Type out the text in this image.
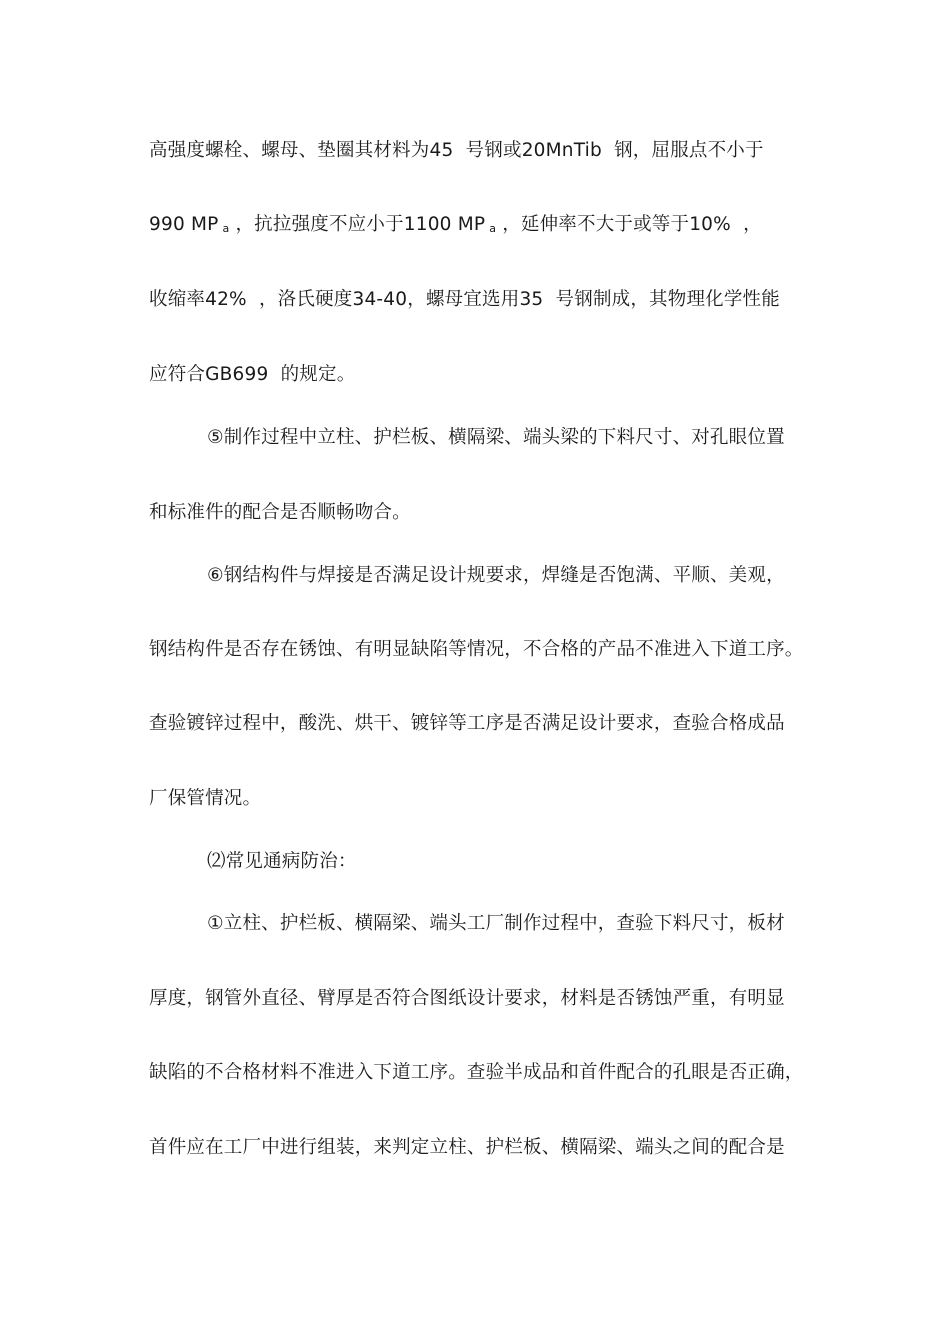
高强度螺栓、螺母、垫圈其材料为45  号钢或20MnTib  钢，屈服点不小于
990 MP a ，抗拉强度不应小于1100 MP a ，延伸率不大于或等于10%  ，
收缩率42%  ，洛氏硬度34-40，螺母宜选用35  号钢制成，其物理化学性能
应符合GB699  的规定。
⑤制作过程中立柱、护栏板、横隔梁、端头梁的下料尺寸、对孔眼位置
和标准件的配合是否顺畅吻合。
⑥钢结构件与焊接是否满足设计规要求，焊缝是否饱满、平顺、美观，
钢结构件是否存在锈蚀、有明显缺陷等情况，不合格的产品不准进入下道工序。
查验镀锌过程中，酸洗、烘干、镀锌等工序是否满足设计要求，查验合格成品
厂保管情况。
⑵常见通病防治：
①立柱、护栏板、横隔梁、端头工厂制作过程中，查验下料尺寸，板材
厚度，钢管外直径、臂厚是否符合图纸设计要求，材料是否锈蚀严重，有明显
缺陷的不合格材料不准进入下道工序。查验半成品和首件配合的孔眼是否正确，
首件应在工厂中进行组装，来判定立柱、护栏板、横隔梁、端头之间的配合是
